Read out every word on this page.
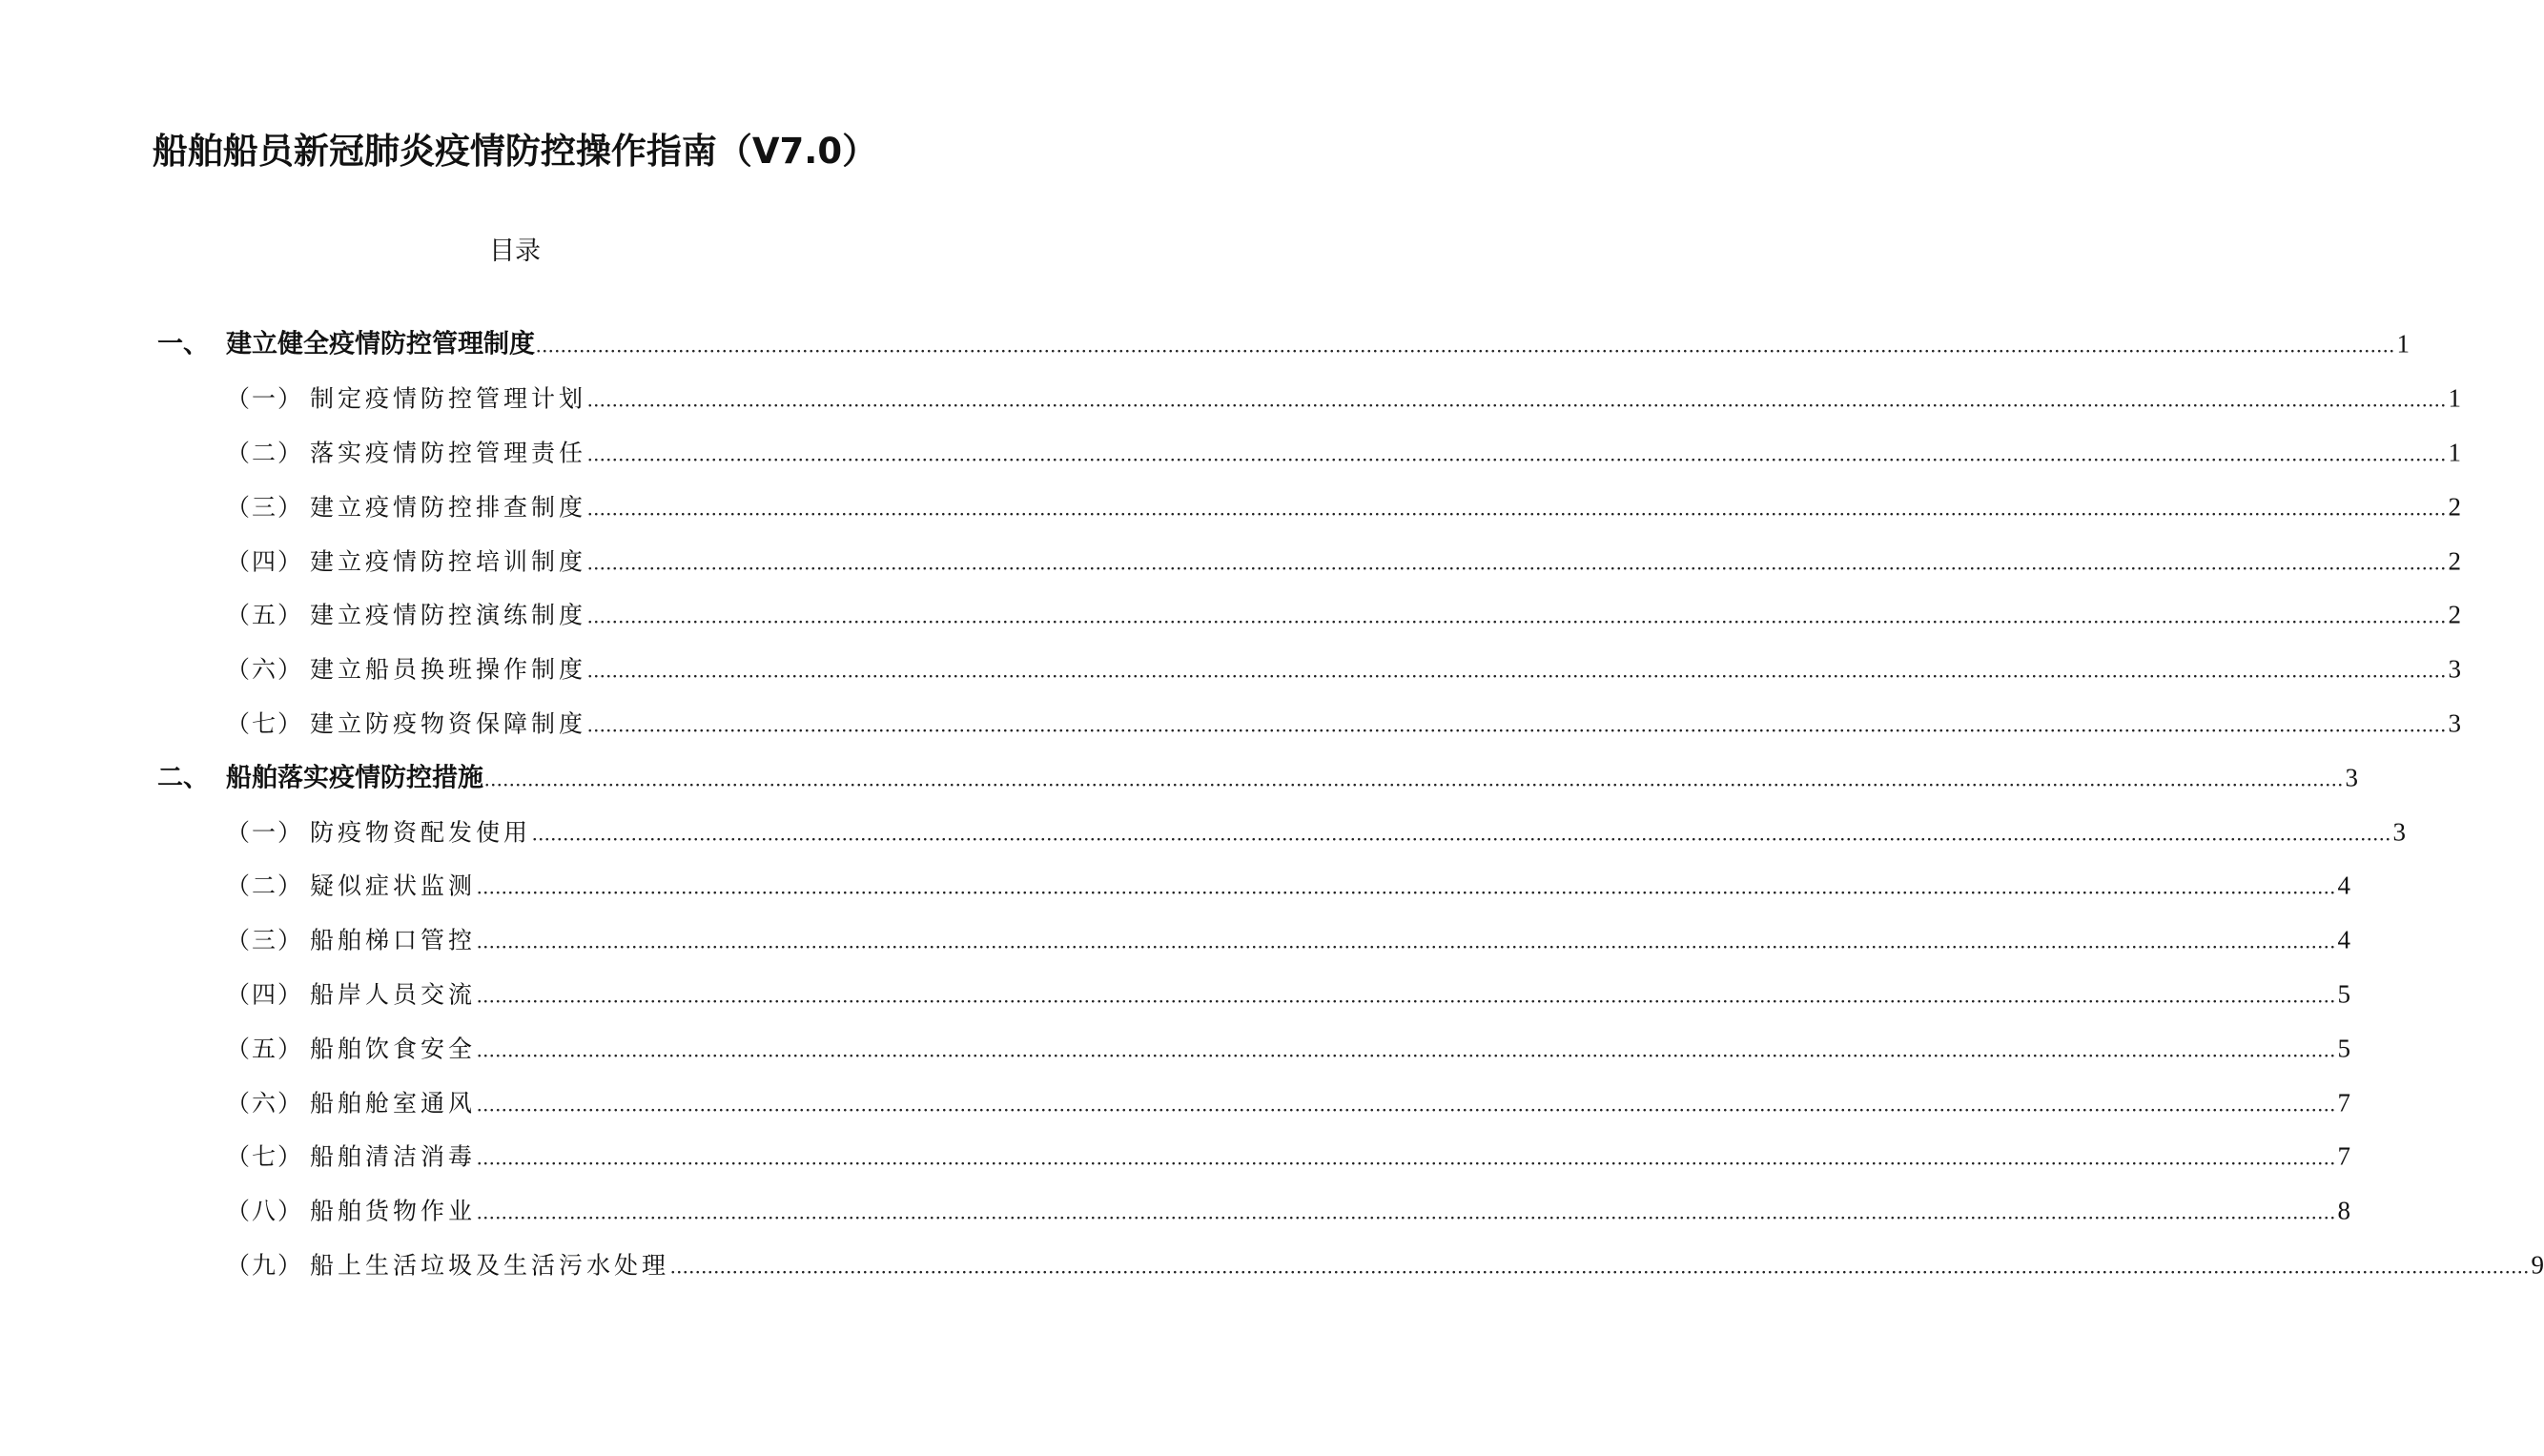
船舶船员新冠肺炎疫情防控操作指南（V7.0）
目录
一、 建立健全疫情防控管理制度 ............................................................................................................................................................................................................................................................................................................ 1
（一） 制定疫情防控管理计划 ............................................................................................................................................................................................................................................................................................................ 1
（二） 落实疫情防控管理责任 ............................................................................................................................................................................................................................................................................................................ 1
（三） 建立疫情防控排查制度 ............................................................................................................................................................................................................................................................................................................ 2
（四） 建立疫情防控培训制度 ............................................................................................................................................................................................................................................................................................................ 2
（五） 建立疫情防控演练制度 ............................................................................................................................................................................................................................................................................................................ 2
（六） 建立船员换班操作制度 ............................................................................................................................................................................................................................................................................................................ 3
（七） 建立防疫物资保障制度 ............................................................................................................................................................................................................................................................................................................ 3
二、 船舶落实疫情防控措施 ............................................................................................................................................................................................................................................................................................................ 3
（一） 防疫物资配发使用 ............................................................................................................................................................................................................................................................................................................ 3
（二） 疑似症状监测 ............................................................................................................................................................................................................................................................................................................ 4
（三） 船舶梯口管控 ............................................................................................................................................................................................................................................................................................................ 4
（四） 船岸人员交流 ............................................................................................................................................................................................................................................................................................................ 5
（五） 船舶饮食安全 ............................................................................................................................................................................................................................................................................................................ 5
（六） 船舶舱室通风 ............................................................................................................................................................................................................................................................................................................ 7
（七） 船舶清洁消毒 ............................................................................................................................................................................................................................................................................................................ 7
（八） 船舶货物作业 ............................................................................................................................................................................................................................................................................................................ 8
（九） 船上生活垃圾及生活污水处理 ............................................................................................................................................................................................................................................................................................................ 9
